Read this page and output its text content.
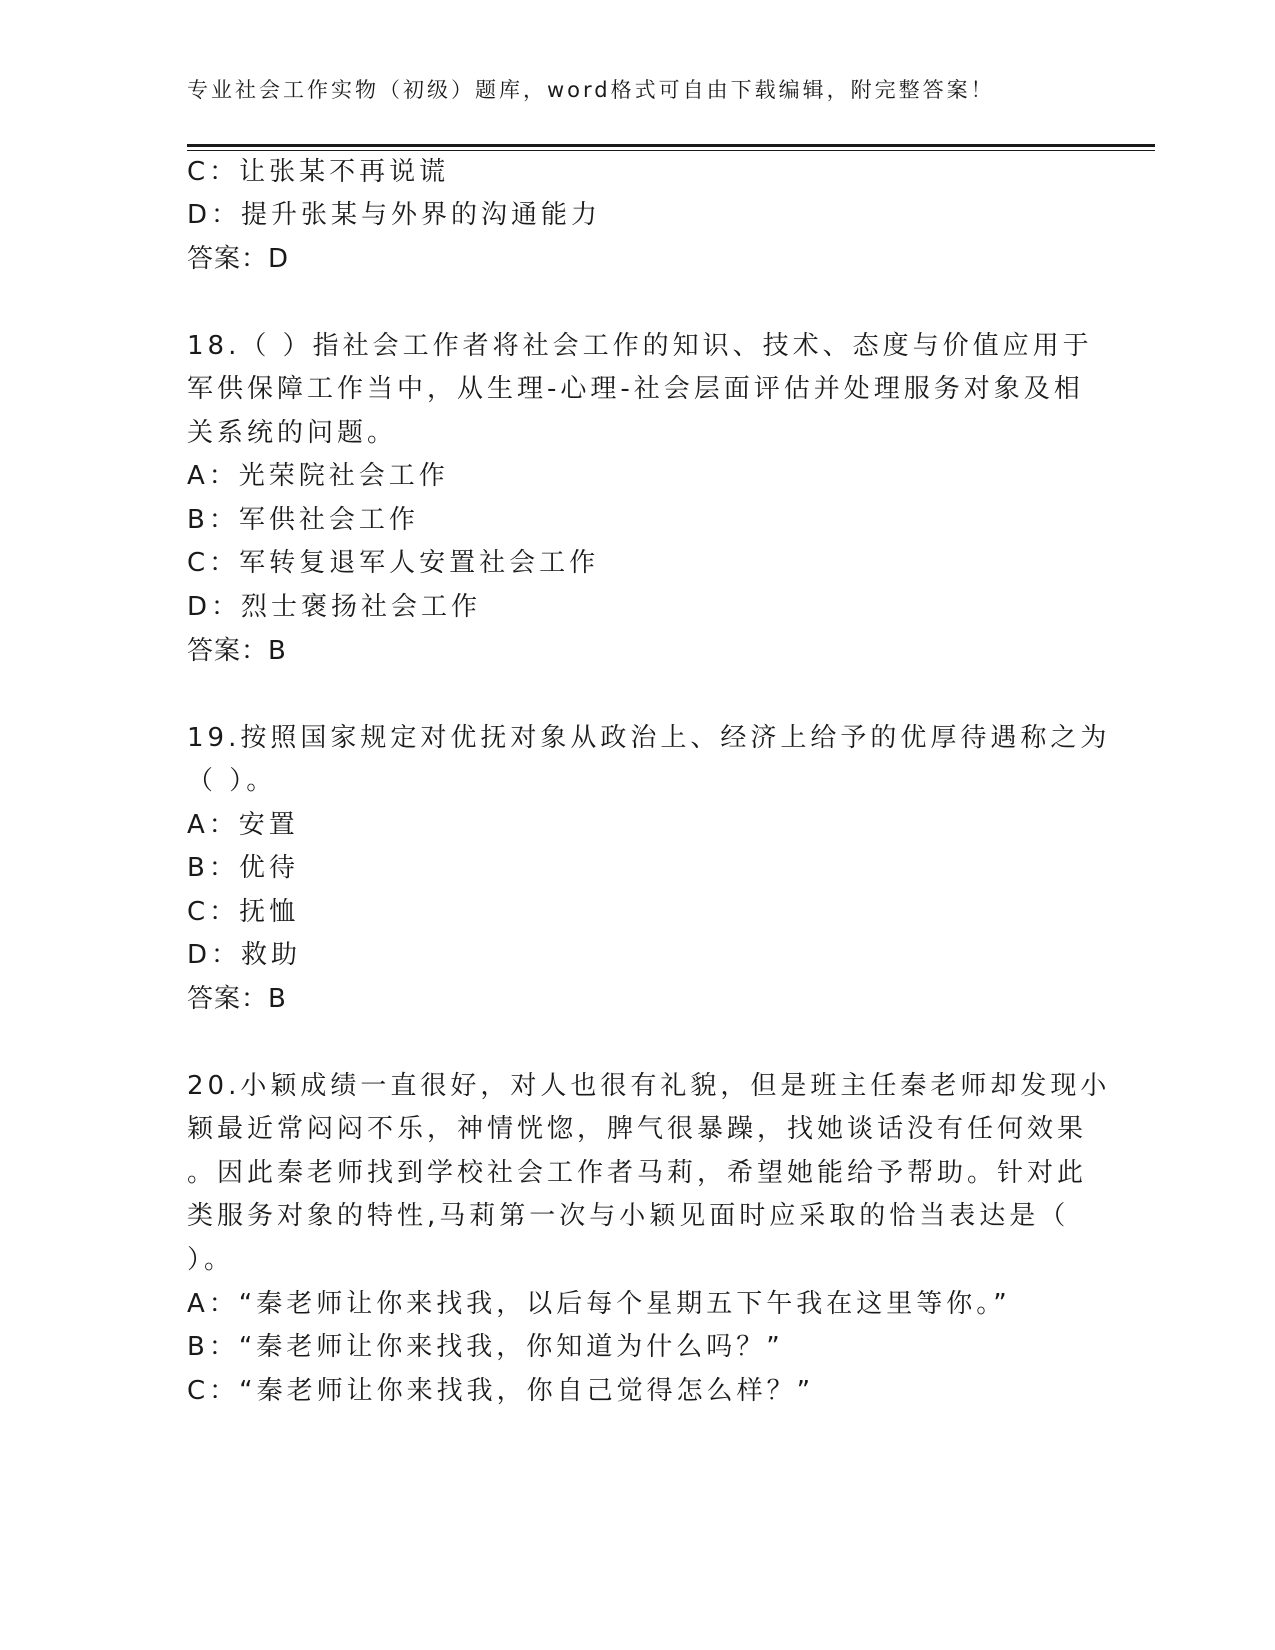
专业社会工作实物（初级）题库，word格式可自由下载编辑，附完整答案！
C：让张某不再说谎
D：提升张某与外界的沟通能力
答案：D
18.（ ）指社会工作者将社会工作的知识、技术、态度与价值应用于
军供保障工作当中，从生理-心理-社会层面评估并处理服务对象及相
关系统的问题。
A：光荣院社会工作
B：军供社会工作
C：军转复退军人安置社会工作
D：烈士褒扬社会工作
答案：B
19.按照国家规定对优抚对象从政治上、经济上给予的优厚待遇称之为
（ ）。
A：安置
B：优待
C：抚恤
D：救助
答案：B
20.小颖成绩一直很好，对人也很有礼貌，但是班主任秦老师却发现小
颖最近常闷闷不乐，神情恍惚，脾气很暴躁，找她谈话没有任何效果
。因此秦老师找到学校社会工作者马莉，希望她能给予帮助。针对此
类服务对象的特性,马莉第一次与小颖见面时应采取的恰当表达是（
）。
A：“秦老师让你来找我，以后每个星期五下午我在这里等你。”
B：“秦老师让你来找我，你知道为什么吗？”
C：“秦老师让你来找我，你自己觉得怎么样？”
